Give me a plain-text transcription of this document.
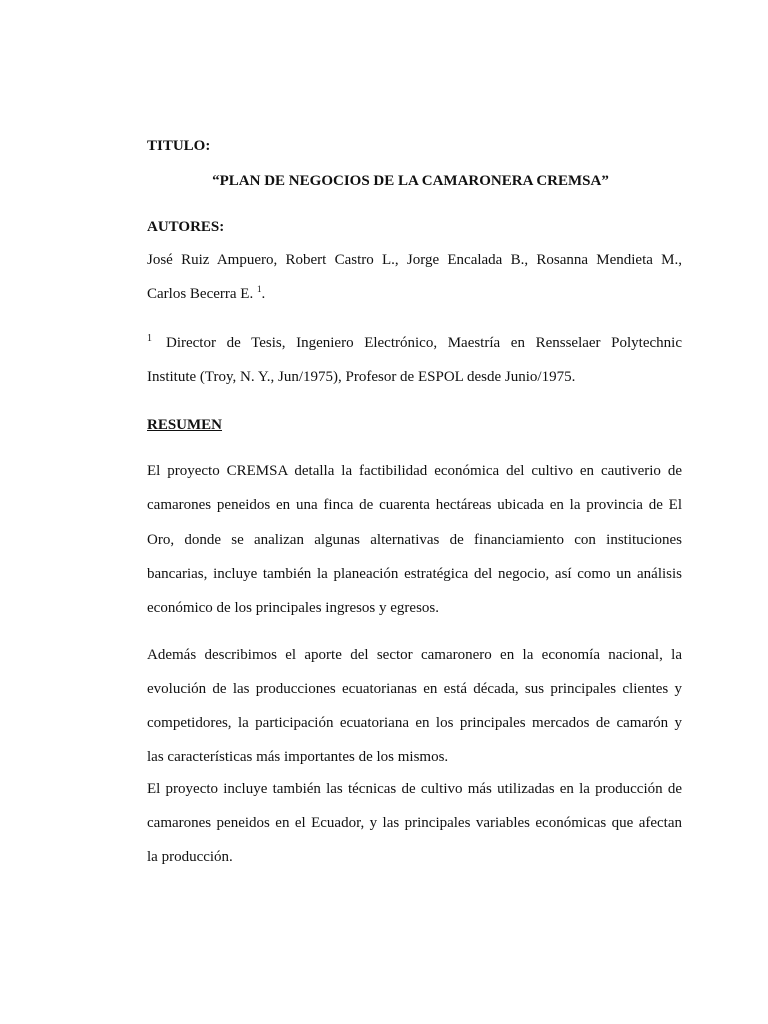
TITULO:
“PLAN DE NEGOCIOS DE LA CAMARONERA CREMSA”
AUTORES:
José Ruiz Ampuero, Robert Castro L., Jorge Encalada B., Rosanna Mendieta M.,
Carlos Becerra E. $^1$.
1 Director de Tesis, Ingeniero Electrónico, Maestría en Rensselaer Polytechnic
Institute (Troy, N. Y., Jun/1975), Profesor de ESPOL desde Junio/1975.
RESUMEN
El proyecto CREMSA detalla la factibilidad económica del cultivo en cautiverio de
camarones peneidos en una finca de cuarenta hectáreas ubicada en la provincia de El
Oro, donde se analizan algunas alternativas de financiamiento con instituciones
bancarias, incluye también la planeación estratégica del negocio, así como un análisis
económico de los principales ingresos y egresos.
Además describimos el aporte del sector camaronero en la economía nacional, la
evolución de las producciones ecuatorianas en está década, sus principales clientes y
competidores, la participación ecuatoriana en los principales mercados de camarón y
las características más importantes de los mismos.
El proyecto incluye también las técnicas de cultivo más utilizadas en la producción de
camarones peneidos en el Ecuador, y las principales variables económicas que afectan
la producción.
